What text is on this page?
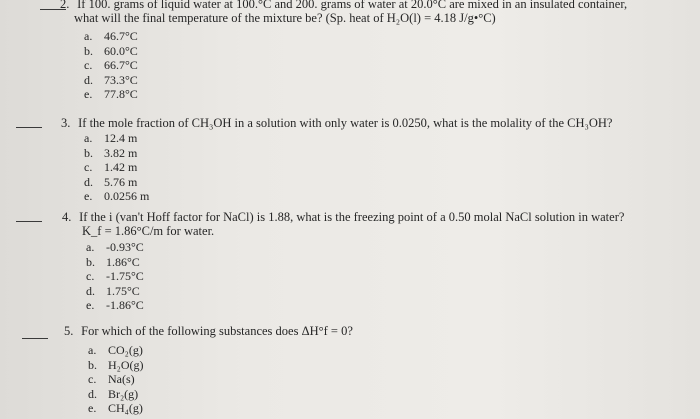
2. If 100. grams of liquid water at 100.°C and 200. grams of water at 20.0°C are mixed in an insulated container,
what will the final temperature of the mixture be? (Sp. heat of H₂O(l) = 4.18 J/g•°C)
a. 46.7°C
b. 60.0°C
c. 66.7°C
d. 73.3°C
e. 77.8°C
3. If the mole fraction of CH₃OH in a solution with only water is 0.0250, what is the molality of the CH₃OH?
a. 12.4 m
b. 3.82 m
c. 1.42 m
d. 5.76 m
e. 0.0256 m
4. If the i (van't Hoff factor for NaCl) is 1.88, what is the freezing point of a 0.50 molal NaCl solution in water?
K_f = 1.86°C/m for water.
a. -0.93°C
b. 1.86°C
c. -1.75°C
d. 1.75°C
e. -1.86°C
5. For which of the following substances does ΔH°f = 0?
a. CO₂(g)
b. H₂O(g)
c. Na(s)
d. Br₂(g)
e. CH₄(g)
